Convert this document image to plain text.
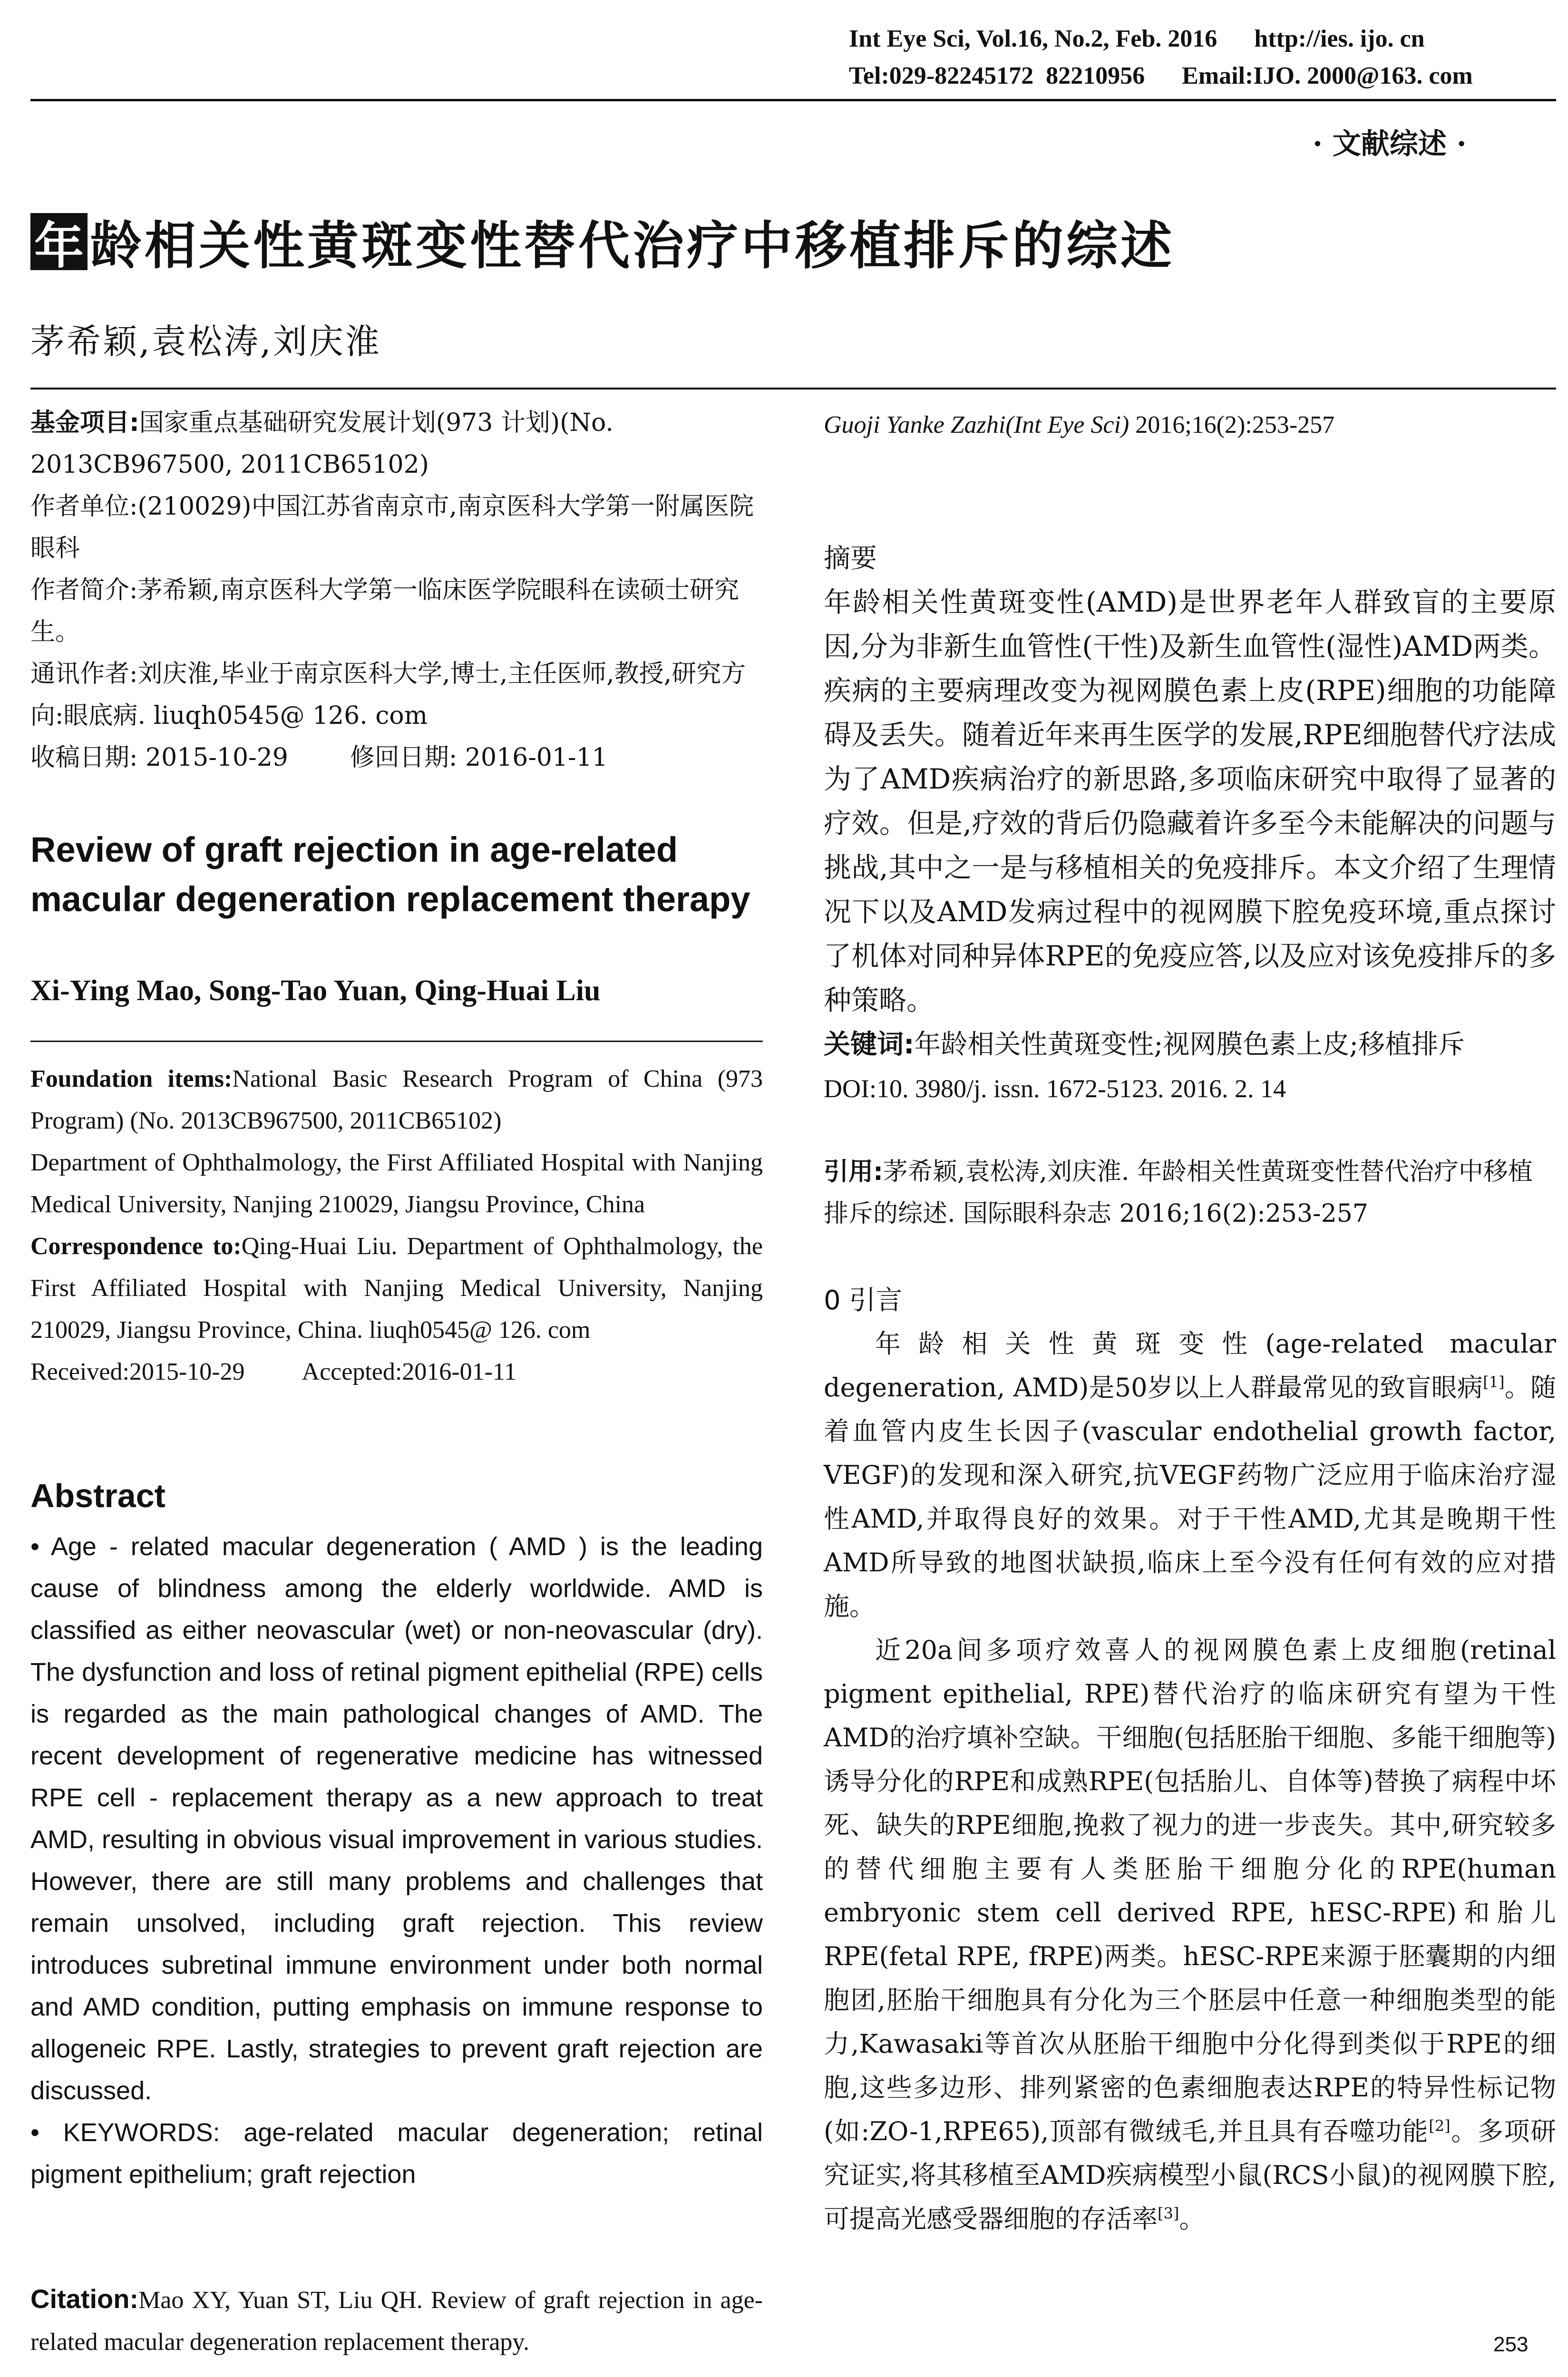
Int Eye Sci, Vol.16, No.2, Feb. 2016      http://ies. ijo. cn
Tel:029-82245172  82210956      Email:IJO. 2000@163. com
· 文献综述 ·
年 龄相关性黄斑变性替代治疗中移植排斥的综述
茅希颖,袁松涛,刘庆淮

基金项目:国家重点基础研究发展计划(973 计划)(No. 2013CB967500, 2011CB65102)

作者单位:(210029)中国江苏省南京市,南京医科大学第一附属医院眼科

作者简介:茅希颖,南京医科大学第一临床医学院眼科在读硕士研究生。

通讯作者:刘庆淮,毕业于南京医科大学,博士,主任医师,教授,研究方向:眼底病. liuqh0545@ 126. com

收稿日期: 2015-10-29	修回日期: 2016-01-11

Review of graft rejection in age-related macular degeneration replacement therapy
Xi-Ying Mao, Song-Tao Yuan, Qing-Huai Liu

Foundation items:National Basic Research Program of China (973 Program) (No. 2013CB967500, 2011CB65102)

Department of Ophthalmology, the First Affiliated Hospital with Nanjing Medical University, Nanjing 210029, Jiangsu Province, China

Correspondence to:Qing-Huai Liu. Department of Ophthalmology, the First Affiliated Hospital with Nanjing Medical University, Nanjing 210029, Jiangsu Province, China. liuqh0545@ 126. com

Received:2015-10-29 Accepted:2016-01-11

Abstract

• Age - related macular degeneration ( AMD ) is the leading cause of blindness among the elderly worldwide. AMD is classified as either neovascular (wet) or non-neovascular (dry). The dysfunction and loss of retinal pigment epithelial (RPE) cells is regarded as the main pathological changes of AMD. The recent development of regenerative medicine has witnessed RPE cell - replacement therapy as a new approach to treat AMD, resulting in obvious visual improvement in various studies. However, there are still many problems and challenges that remain unsolved, including graft rejection. This review introduces subretinal immune environment under both normal and AMD condition, putting emphasis on immune response to allogeneic RPE. Lastly, strategies to prevent graft rejection are discussed.

• KEYWORDS: age-related macular degeneration; retinal pigment epithelium; graft rejection

Citation:Mao XY, Yuan ST, Liu QH. Review of graft rejection in age-related macular degeneration replacement therapy.

Guoji Yanke Zazhi(Int Eye Sci) 2016;16(2):253-257

摘要

年龄相关性黄斑变性(AMD)是世界老年人群致盲的主要原因,分为非新生血管性(干性)及新生血管性(湿性)AMD两类。疾病的主要病理改变为视网膜色素上皮(RPE)细胞的功能障碍及丢失。随着近年来再生医学的发展,RPE细胞替代疗法成为了AMD疾病治疗的新思路,多项临床研究中取得了显著的疗效。但是,疗效的背后仍隐藏着许多至今未能解决的问题与挑战,其中之一是与移植相关的免疫排斥。本文介绍了生理情况下以及AMD发病过程中的视网膜下腔免疫环境,重点探讨了机体对同种异体RPE的免疫应答,以及应对该免疫排斥的多种策略。

关键词:年龄相关性黄斑变性;视网膜色素上皮;移植排斥

DOI:10. 3980/j. issn. 1672-5123. 2016. 2. 14

引用:茅希颖,袁松涛,刘庆淮. 年龄相关性黄斑变性替代治疗中移植排斥的综述. 国际眼科杂志 2016;16(2):253-257

0 引言

年龄相关性黄斑变性(age-related macular degeneration, AMD)是50岁以上人群最常见的致盲眼病[1]。随着血管内皮生长因子(vascular endothelial growth factor, VEGF)的发现和深入研究,抗VEGF药物广泛应用于临床治疗湿性AMD,并取得良好的效果。对于干性AMD,尤其是晚期干性AMD所导致的地图状缺损,临床上至今没有任何有效的应对措施。

近20a间多项疗效喜人的视网膜色素上皮细胞(retinal pigment epithelial, RPE)替代治疗的临床研究有望为干性AMD的治疗填补空缺。干细胞(包括胚胎干细胞、多能干细胞等)诱导分化的RPE和成熟RPE(包括胎儿、自体等)替换了病程中坏死、缺失的RPE细胞,挽救了视力的进一步丧失。其中,研究较多的替代细胞主要有人类胚胎干细胞分化的RPE(human embryonic stem cell derived RPE, hESC-RPE)和胎儿RPE(fetal RPE, fRPE)两类。hESC-RPE来源于胚囊期的内细胞团,胚胎干细胞具有分化为三个胚层中任意一种细胞类型的能力,Kawasaki等首次从胚胎干细胞中分化得到类似于RPE的细胞,这些多边形、排列紧密的色素细胞表达RPE的特异性标记物(如:ZO-1,RPE65),顶部有微绒毛,并且具有吞噬功能[2]。多项研究证实,将其移植至AMD疾病模型小鼠(RCS小鼠)的视网膜下腔,可提高光感受器细胞的存活率[3]。

253
